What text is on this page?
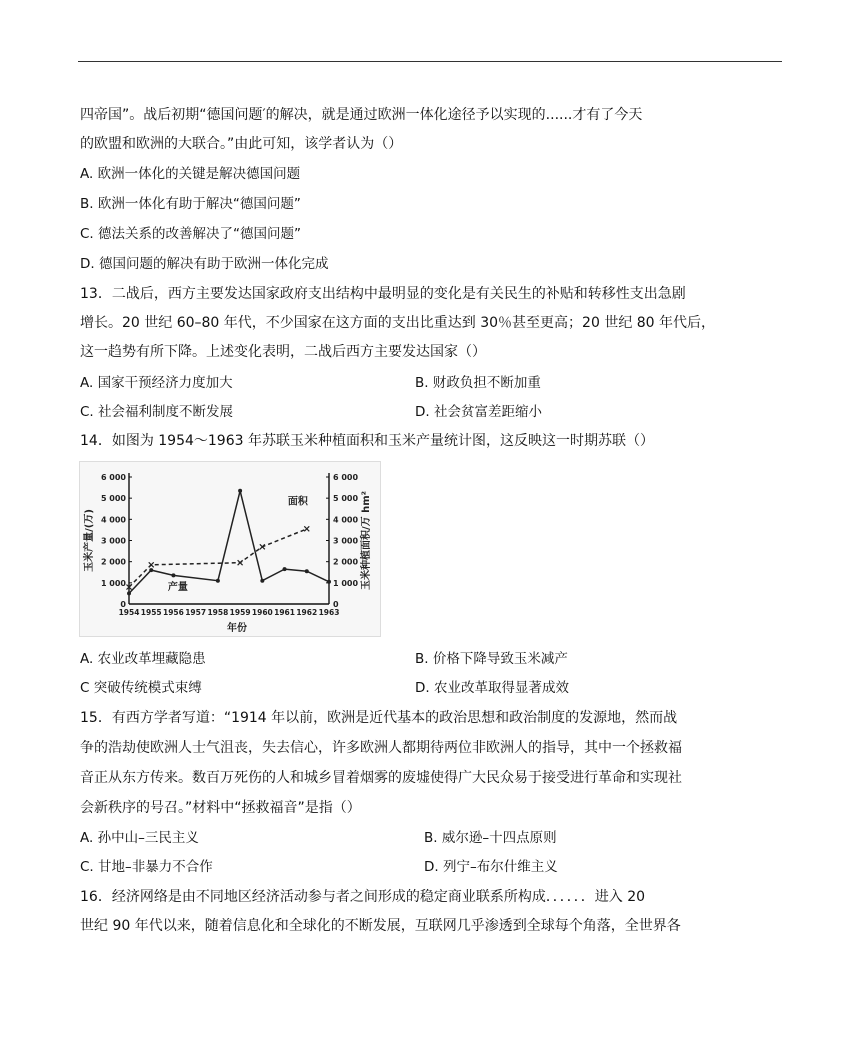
四帝国”。战后初期“德国问题′的解决，就是通过欧洲一体化途径予以实现的......才有了今天
的欧盟和欧洲的大联合。”由此可知，该学者认为（）
A. 欧洲一体化的关键是解决德国问题
B. 欧洲一体化有助于解决“德国问题”
C. 德法关系的改善解决了“德国问题”
D. 德国问题的解决有助于欧洲一体化完成
13．二战后，西方主要发达国家政府支出结构中最明显的变化是有关民生的补贴和转移性支出急剧
增长。20 世纪 60–80 年代，不少国家在这方面的支出比重达到 30％甚至更高；20 世纪 80 年代后，
这一趋势有所下降。上述变化表明，二战后西方主要发达国家（）
A. 国家干预经济力度加大	B. 财政负担不断加重
C. 社会福利制度不断发展	D. 社会贫富差距缩小
14．如图为 1954～1963 年苏联玉米种植面积和玉米产量统计图，这反映这一时期苏联（）
0	0
1 000	1 000
2 000	2 000
3 000	3 000
4 000	4 000
5 000	5 000
6 000	6 000
1954 1955 1956 1957 1958 1959 1960 1961 1962 1963
产量
面积
玉米产量/(万)	玉米种植面积/万 hm²
年份
A. 农业改革埋藏隐患	B. 价格下降导致玉米减产
C 突破传统模式束缚	D. 农业改革取得显著成效
15．有西方学者写道：“1914 年以前，欧洲是近代基本的政治思想和政治制度的发源地，然而战
争的浩劫使欧洲人士气沮丧，失去信心，许多欧洲人都期待两位非欧洲人的指导，其中一个拯救福
音正从东方传来。数百万死伤的人和城乡冒着烟雾的废墟使得广大民众易于接受进行革命和实现社
会新秩序的号召。”材料中“拯救福音”是指（）
A. 孙中山–三民主义	B. 威尔逊–十四点原则
C. 甘地–非暴力不合作	D. 列宁–布尔什维主义
16．经济网络是由不同地区经济活动参与者之间形成的稳定商业联系所构成．．．．．．进入 20
世纪 90 年代以来，随着信息化和全球化的不断发展，互联网几乎渗透到全球每个角落，全世界各
